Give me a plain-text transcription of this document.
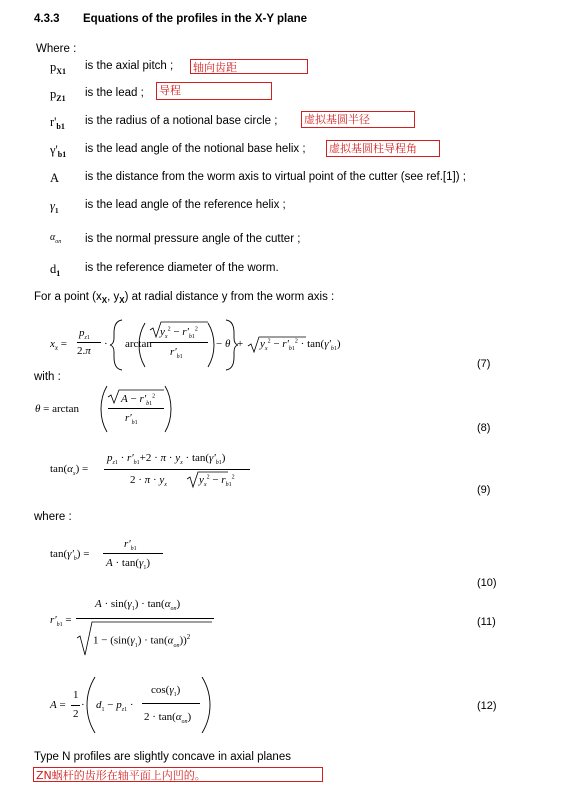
4.3.3 Equations of the profiles in the X-Y plane
Where :
$p_{X1}$ is the axial pitch ; 轴向齿距
$p_{Z1}$ is the lead ; 导程
$r'_{b1}$ is the radius of a notional base circle ; 虚拟基圆半径
$\gamma'_{b1}$ is the lead angle of the notional base helix ; 虚拟基圆柱导程角
A is the distance from the worm axis to virtual point of the cutter (see ref.[1]) ;
$\gamma_1$ is the lead angle of the reference helix ;
$\alpha_{on}$ is the normal pressure angle of the cutter ;
$d_1$ is the reference diameter of the worm.
For a point ($x_X$, $y_X$) at radial distance y from the worm axis :
$x_x$ =
$p_{z1}$
2.π
· arctan
$y_x^2 - r'_{b1}^2$
$r'_{b1}$
− $\theta + y_x^2 - r'_{b1}^2 \cdot \tan(\gamma'_{b1})$
(7)
with :
θ = arctan
$A - r'_{b1}^2$
$r'_{b1}$	(8)
$\tan(\alpha_x)$ =
$p_{z1} \cdot r'_{b1}+2 \cdot \pi \cdot y_x \cdot \tan(\gamma'_{b1})$
$2 \cdot \pi \cdot y_x$	$y_x^2 - r_{b1}^2$
(9)
where :
$\tan(\gamma'_b)$ =
$r'_{b1}$
$A \cdot \tan(\gamma_1)$
(10)
$r'_{b1}$ =
$A \cdot \sin(\gamma_1) \cdot \tan(\alpha_{on})$
$1 - (\sin(\gamma_1) \cdot \tan(\alpha_{on}))^2$
(11)
A =
1
2
· $d_1 - p_{z1}$ ·
$\cos(\gamma_1)$
$2 \cdot \tan(\alpha_{on})$
(12)
Type N profiles are slightly concave in axial planes
ZN蜗杆的齿形在轴平面上内凹的。
